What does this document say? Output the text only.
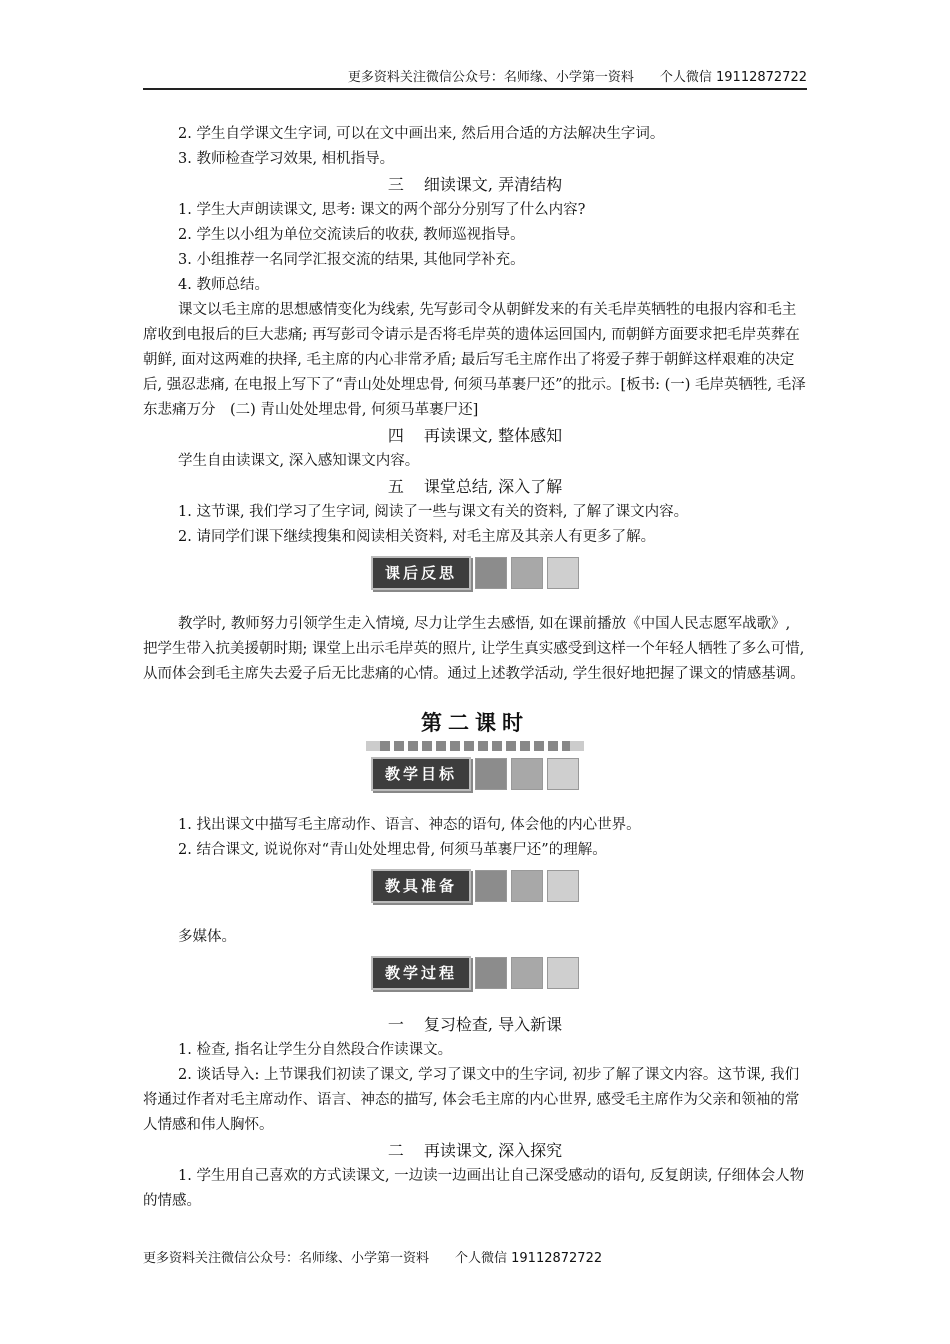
更多资料关注微信公众号：名师缘、小学第一资料　　个人微信 19112872722

2. 学生自学课文生字词, 可以在文中画出来, 然后用合适的方法解决生字词。

3. 教师检查学习效果, 相机指导。

三 细读课文, 弄清结构

1. 学生大声朗读课文, 思考: 课文的两个部分分别写了什么内容?

2. 学生以小组为单位交流读后的收获, 教师巡视指导。

3. 小组推荐一名同学汇报交流的结果, 其他同学补充。

4. 教师总结。

课文以毛主席的思想感情变化为线索, 先写彭司令从朝鲜发来的有关毛岸英牺牲的电报内容和毛主席收到电报后的巨大悲痛; 再写彭司令请示是否将毛岸英的遗体运回国内, 而朝鲜方面要求把毛岸英葬在朝鲜, 面对这两难的抉择, 毛主席的内心非常矛盾; 最后写毛主席作出了将爱子葬于朝鲜这样艰难的决定后, 强忍悲痛, 在电报上写下了“青山处处埋忠骨, 何须马革裹尸还”的批示。[板书: (一) 毛岸英牺牲, 毛泽东悲痛万分　(二) 青山处处埋忠骨, 何须马革裹尸还]

四 再读课文, 整体感知

学生自由读课文, 深入感知课文内容。

五 课堂总结, 深入了解

1. 这节课, 我们学习了生字词, 阅读了一些与课文有关的资料, 了解了课文内容。

2. 请同学们课下继续搜集和阅读相关资料, 对毛主席及其亲人有更多了解。

课后反思

教学时, 教师努力引领学生走入情境, 尽力让学生去感悟, 如在课前播放《中国人民志愿军战歌》, 把学生带入抗美援朝时期; 课堂上出示毛岸英的照片, 让学生真实感受到这样一个年轻人牺牲了多么可惜, 从而体会到毛主席失去爱子后无比悲痛的心情。通过上述教学活动, 学生很好地把握了课文的情感基调。

第二课时
教学目标

1. 找出课文中描写毛主席动作、语言、神态的语句, 体会他的内心世界。

2. 结合课文, 说说你对“青山处处埋忠骨, 何须马革裹尸还”的理解。

教具准备

多媒体。

教学过程
一 复习检查, 导入新课

1. 检查, 指名让学生分自然段合作读课文。

2. 谈话导入: 上节课我们初读了课文, 学习了课文中的生字词, 初步了解了课文内容。这节课, 我们将通过作者对毛主席动作、语言、神态的描写, 体会毛主席的内心世界, 感受毛主席作为父亲和领袖的常人情感和伟人胸怀。

二 再读课文, 深入探究

1. 学生用自己喜欢的方式读课文, 一边读一边画出让自己深受感动的语句, 反复朗读, 仔细体会人物的情感。

更多资料关注微信公众号：名师缘、小学第一资料　　个人微信 19112872722
